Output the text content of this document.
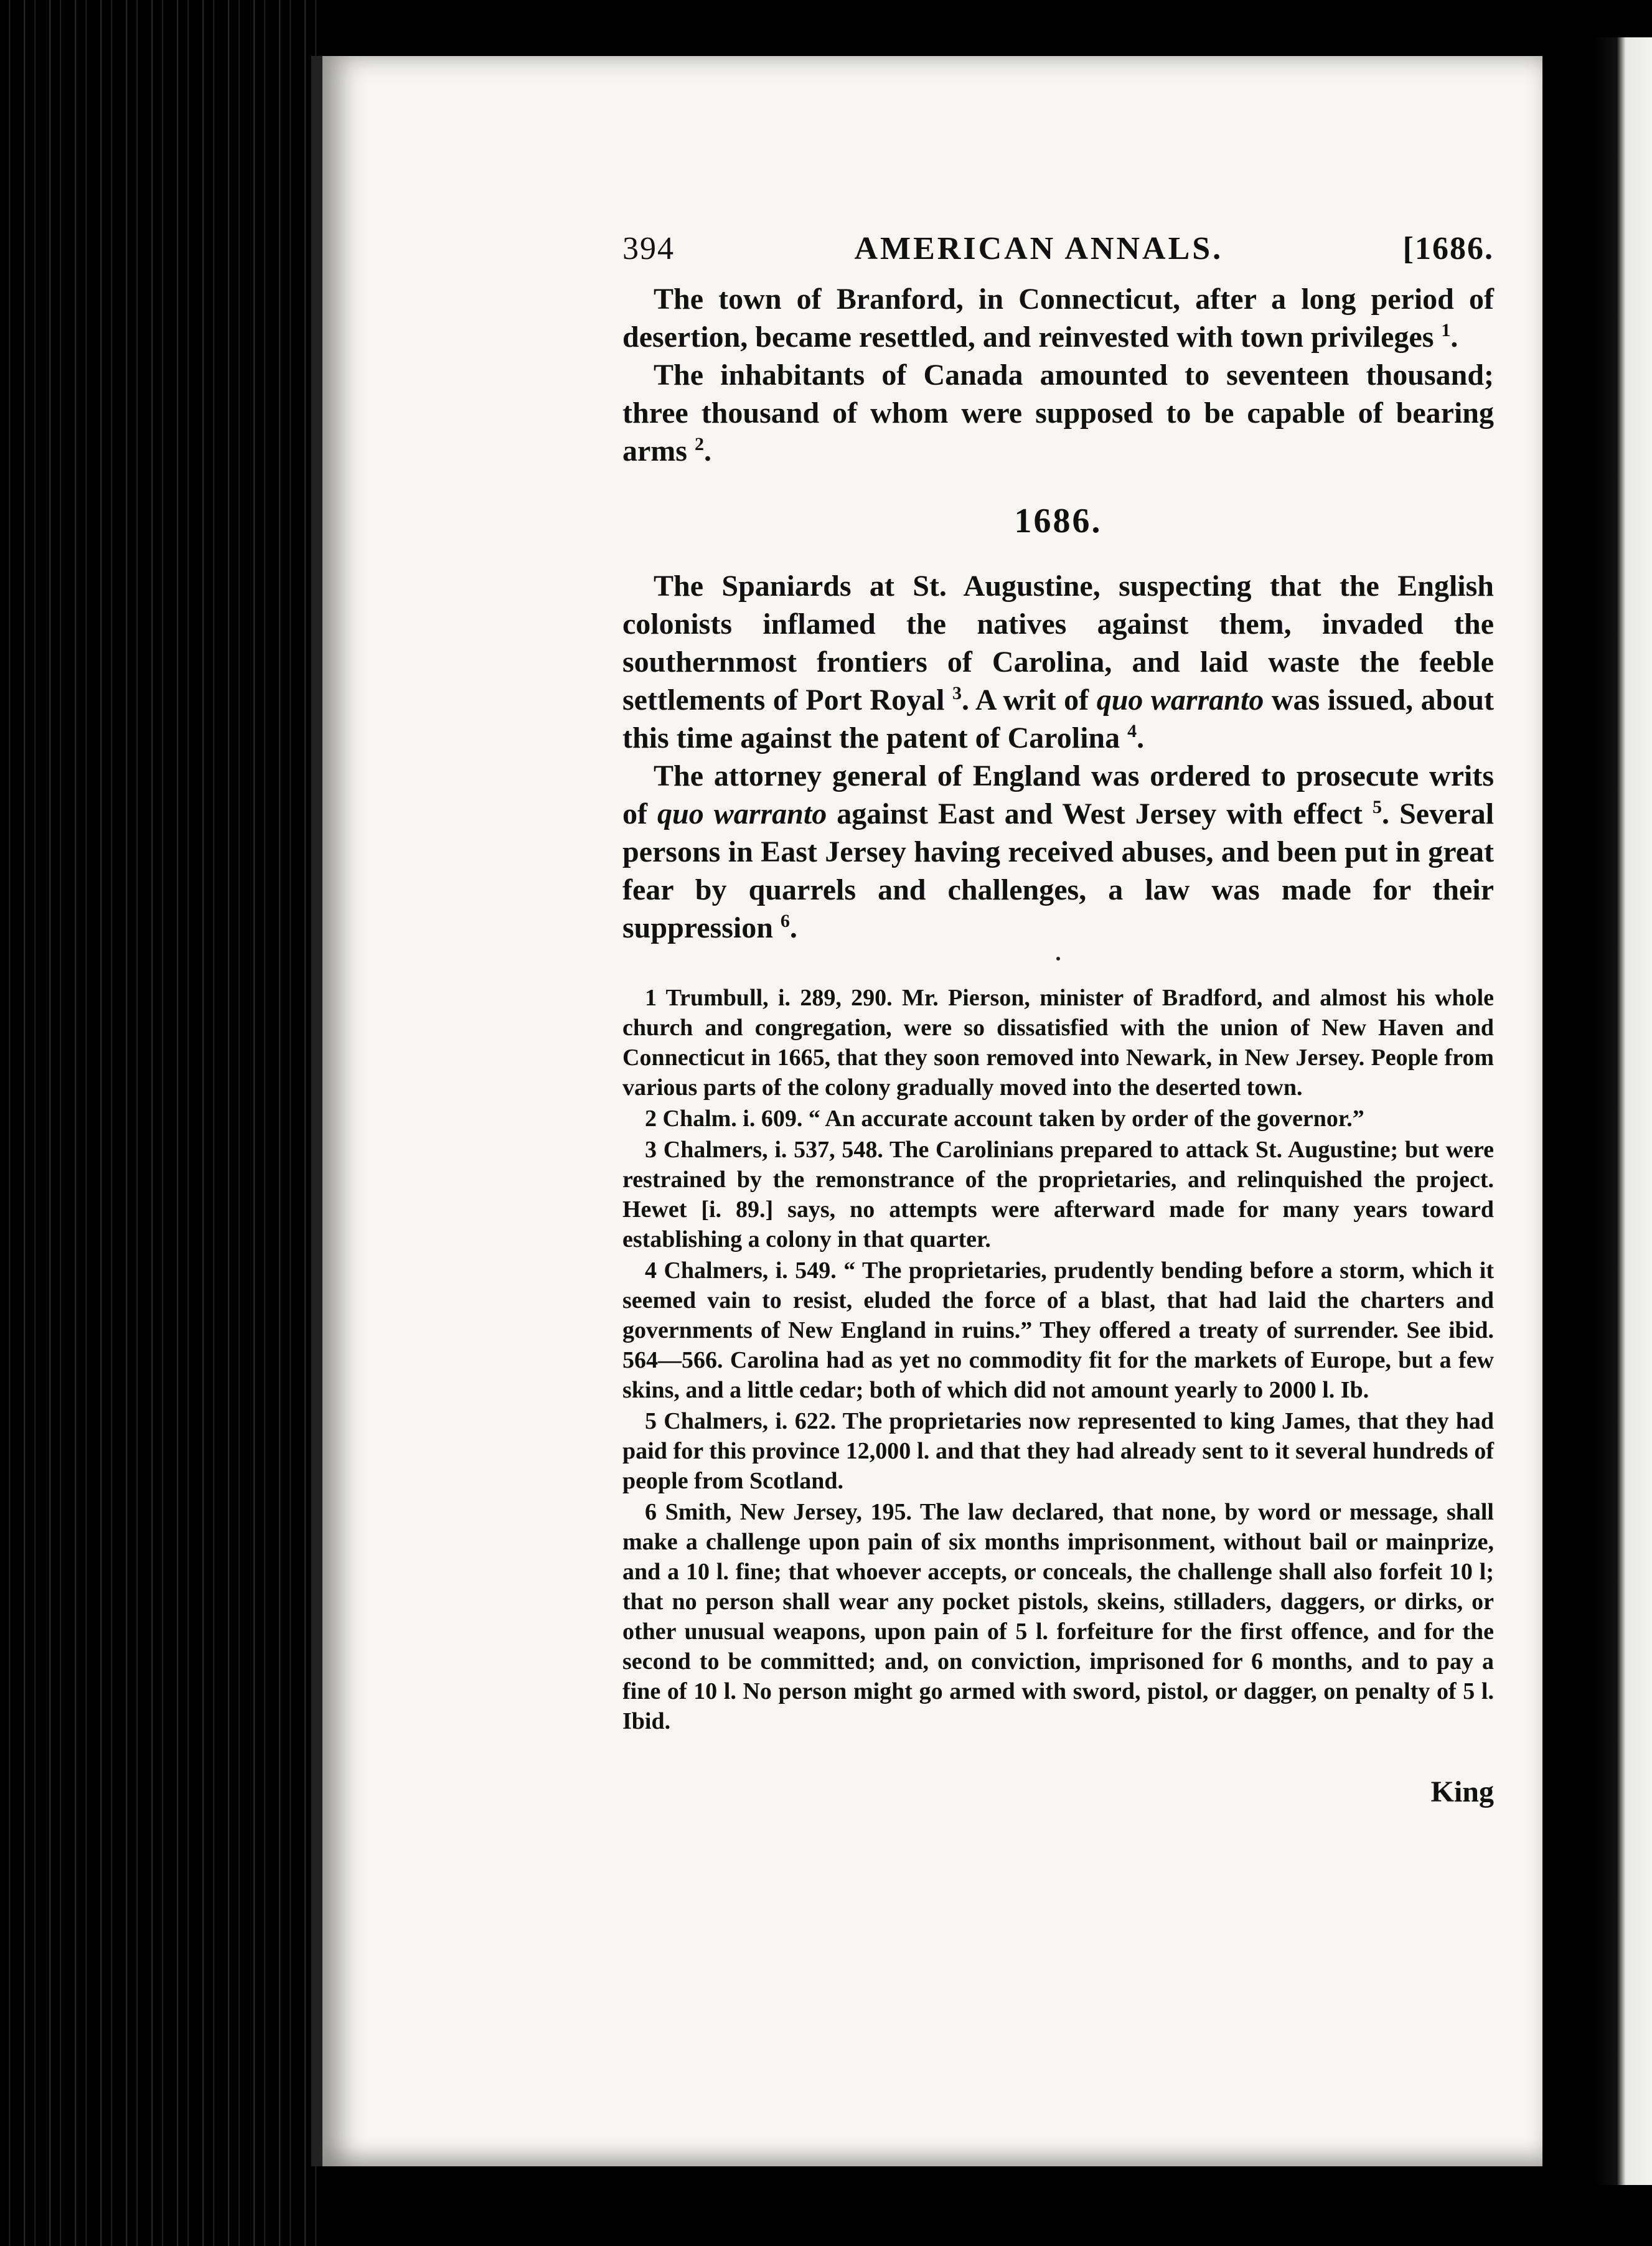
394	AMERICAN ANNALS.	[1686.

The town of Branford, in Connecticut, after a long period of desertion, became resettled, and reinvested with town privileges $^1$.

The inhabitants of Canada amounted to seventeen thousand; three thousand of whom were supposed to be capable of bearing arms $^2$.

1686.

The Spaniards at St. Augustine, suspecting that the English colonists inflamed the natives against them, invaded the southernmost frontiers of Carolina, and laid waste the feeble settlements of Port Royal $^3$. A writ of quo warranto was issued, about this time against the patent of Carolina $^4$.

The attorney general of England was ordered to prosecute writs of quo warranto against East and West Jersey with effect $^5$. Several persons in East Jersey having received abuses, and been put in great fear by quarrels and challenges, a law was made for their suppression $^6$.

1 Trumbull, i. 289, 290. Mr. Pierson, minister of Bradford, and almost his whole church and congregation, were so dissatisfied with the union of New Haven and Connecticut in 1665, that they soon removed into Newark, in New Jersey. People from various parts of the colony gradually moved into the deserted town.

2 Chalm. i. 609. “ An accurate account taken by order of the governor.”

3 Chalmers, i. 537, 548. The Carolinians prepared to attack St. Augustine; but were restrained by the remonstrance of the proprietaries, and relinquished the project. Hewet [i. 89.] says, no attempts were afterward made for many years toward establishing a colony in that quarter.

4 Chalmers, i. 549. “ The proprietaries, prudently bending before a storm, which it seemed vain to resist, eluded the force of a blast, that had laid the charters and governments of New England in ruins.” They offered a treaty of surrender. See ibid. 564—566. Carolina had as yet no commodity fit for the markets of Europe, but a few skins, and a little cedar; both of which did not amount yearly to 2000 l. Ib.

5 Chalmers, i. 622. The proprietaries now represented to king James, that they had paid for this province 12,000 l. and that they had already sent to it several hundreds of people from Scotland.

6 Smith, New Jersey, 195. The law declared, that none, by word or message, shall make a challenge upon pain of six months imprisonment, without bail or mainprize, and a 10 l. fine; that whoever accepts, or conceals, the challenge shall also forfeit 10 l; that no person shall wear any pocket pistols, skeins, stilladers, daggers, or dirks, or other unusual weapons, upon pain of 5 l. forfeiture for the first offence, and for the second to be committed; and, on conviction, imprisoned for 6 months, and to pay a fine of 10 l. No person might go armed with sword, pistol, or dagger, on penalty of 5 l. Ibid.

King
